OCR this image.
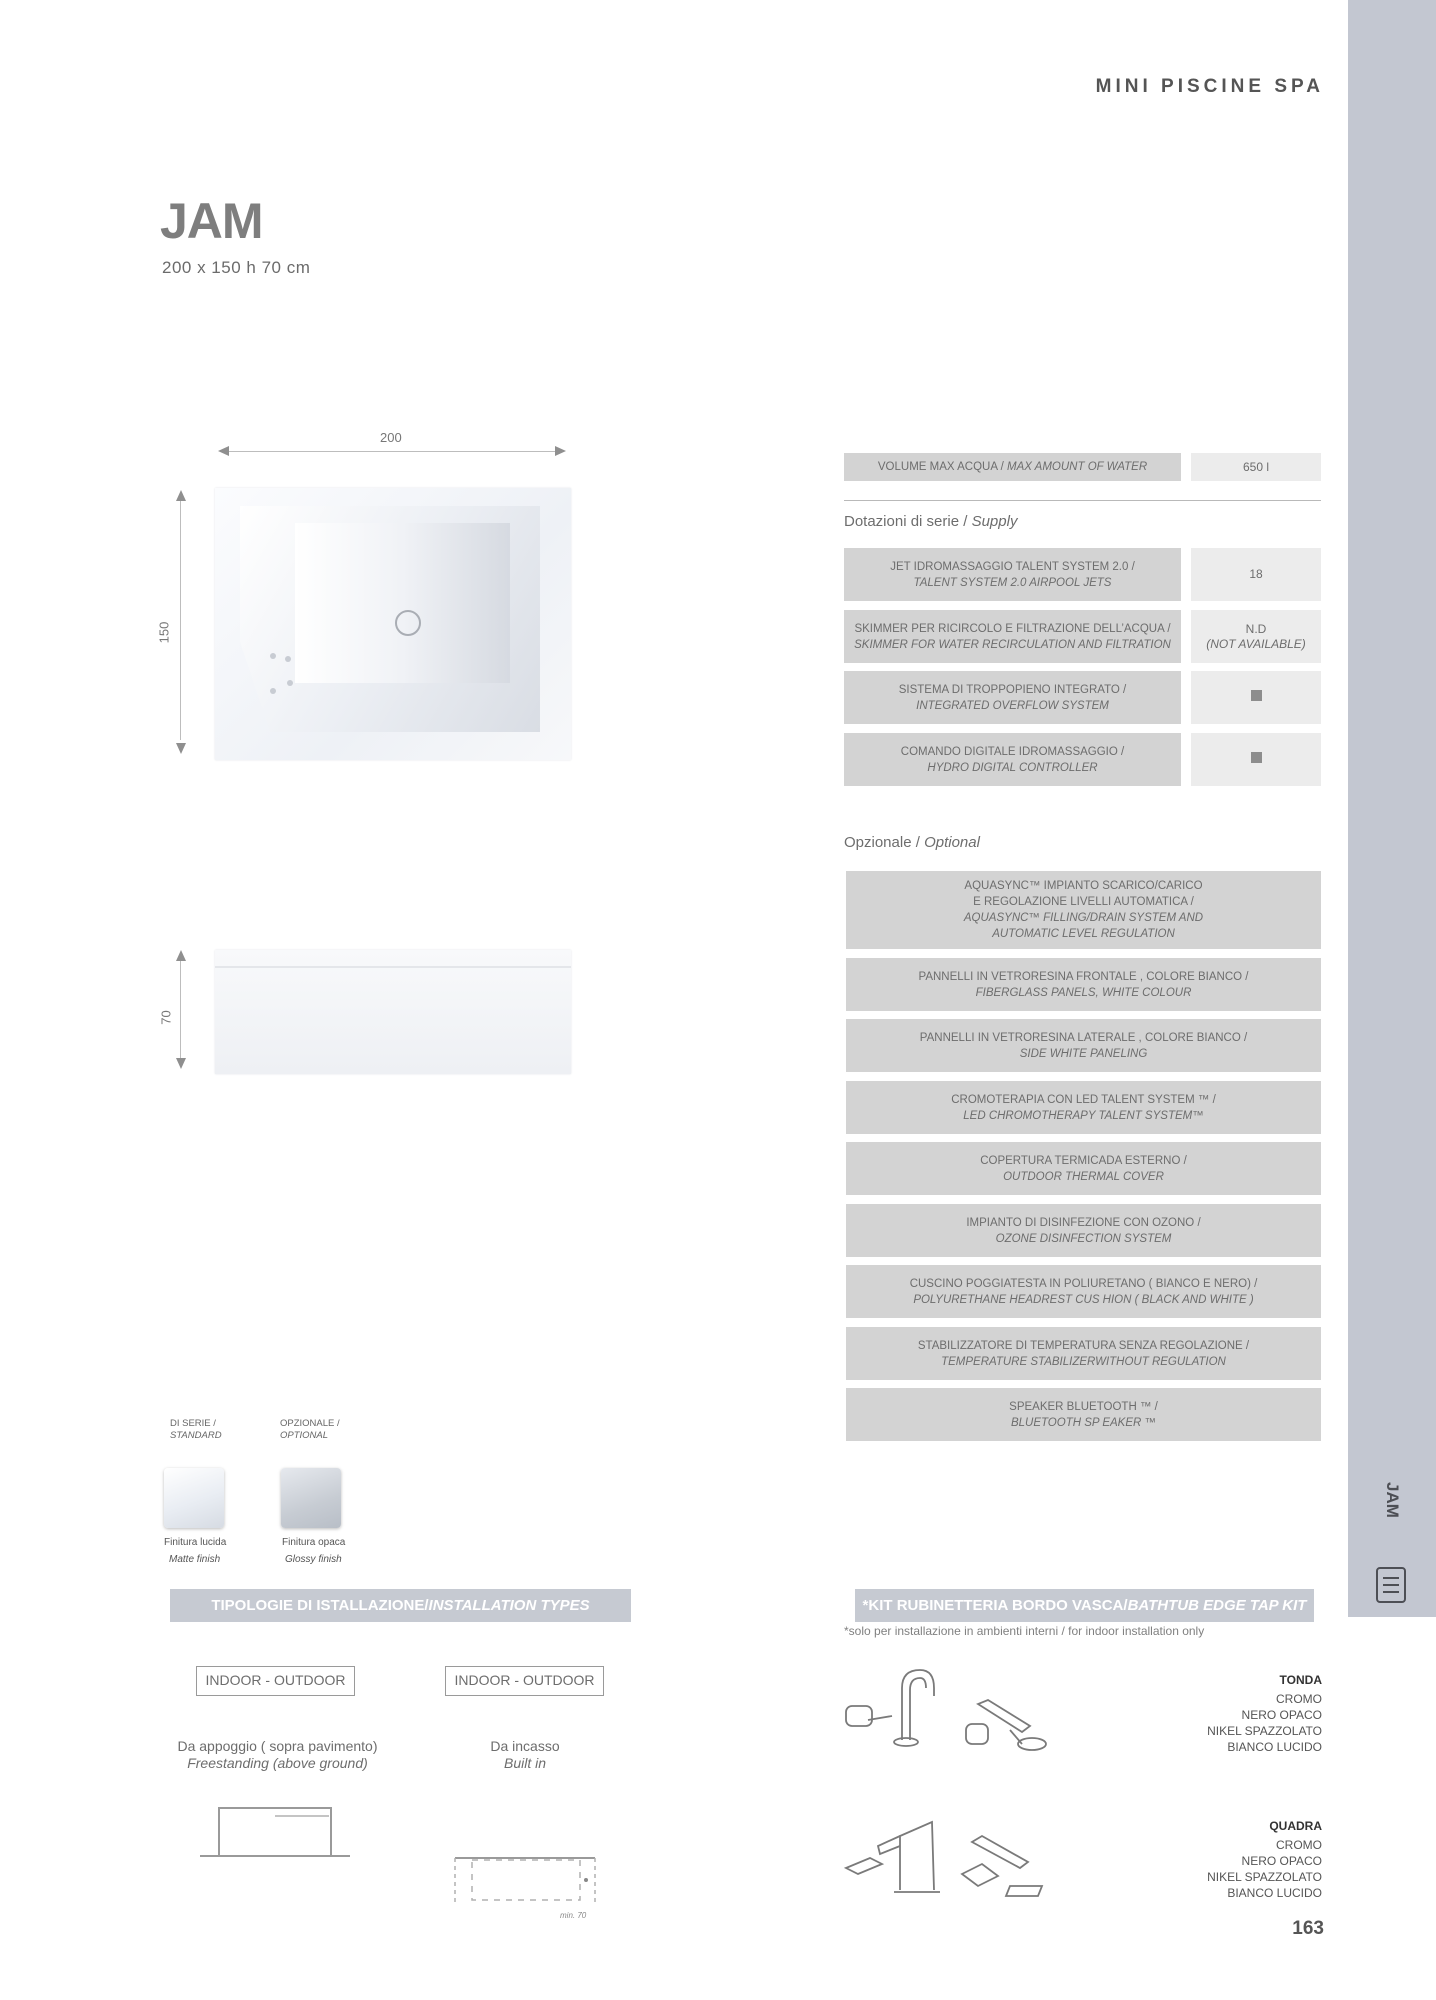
JAM
MINI PISCINE SPA
JAM
200 x 150 h 70 cm
200
150
70
VOLUME MAX ACQUA / MAX AMOUNT OF WATER	650 l
Dotazioni di serie / Supply
JET IDROMASSAGGIO TALENT SYSTEM 2.0 /
TALENT SYSTEM 2.0 AIRPOOL JETS
18
SKIMMER PER RICIRCOLO E FILTRAZIONE DELL’ACQUA /
SKIMMER FOR WATER RECIRCULATION AND FILTRATION
N.D
(NOT AVAILABLE)
SISTEMA DI TROPPOPIENO INTEGRATO /
INTEGRATED OVERFLOW SYSTEM
COMANDO DIGITALE IDROMASSAGGIO /
HYDRO DIGITAL CONTROLLER
Opzionale / Optional
AQUASYNC™ IMPIANTO SCARICO/CARICO
E REGOLAZIONE LIVELLI AUTOMATICA /
AQUASYNC™ FILLING/DRAIN SYSTEM AND
AUTOMATIC LEVEL REGULATION
PANNELLI IN VETRORESINA FRONTALE , COLORE BIANCO /
FIBERGLASS PANELS, WHITE COLOUR
PANNELLI IN VETRORESINA LATERALE , COLORE BIANCO /
SIDE WHITE PANELING
CROMOTERAPIA CON LED TALENT SYSTEM ™ /
LED CHROMOTHERAPY TALENT SYSTEM™
COPERTURA TERMICADA ESTERNO /
OUTDOOR THERMAL COVER
IMPIANTO DI DISINFEZIONE CON OZONO /
OZONE DISINFECTION SYSTEM
CUSCINO POGGIATESTA IN POLIURETANO ( BIANCO E NERO) /
POLYURETHANE HEADREST CUS HION ( BLACK AND WHITE )
STABILIZZATORE DI TEMPERATURA SENZA REGOLAZIONE /
TEMPERATURE STABILIZERWITHOUT REGULATION
SPEAKER BLUETOOTH ™ /
BLUETOOTH SP EAKER ™
DI SERIE /
STANDARD
OPZIONALE /
OPTIONAL
Finitura lucida
Matte finish
Finitura opaca
Glossy finish
TIPOLOGIE DI ISTALLAZIONE / INSTALLATION TYPES
INDOOR - OUTDOOR	INDOOR - OUTDOOR
Da appoggio ( sopra pavimento)
Freestanding (above ground)
Da incasso
Built in
min. 70
*KIT RUBINETTERIA BORDO VASCA / BATHTUB EDGE TAP KIT
*solo per installazione in ambienti interni / for indoor installation only
TONDA
CROMO
NERO OPACO
NIKEL SPAZZOLATO
BIANCO LUCIDO
QUADRA
CROMO
NERO OPACO
NIKEL SPAZZOLATO
BIANCO LUCIDO
163
